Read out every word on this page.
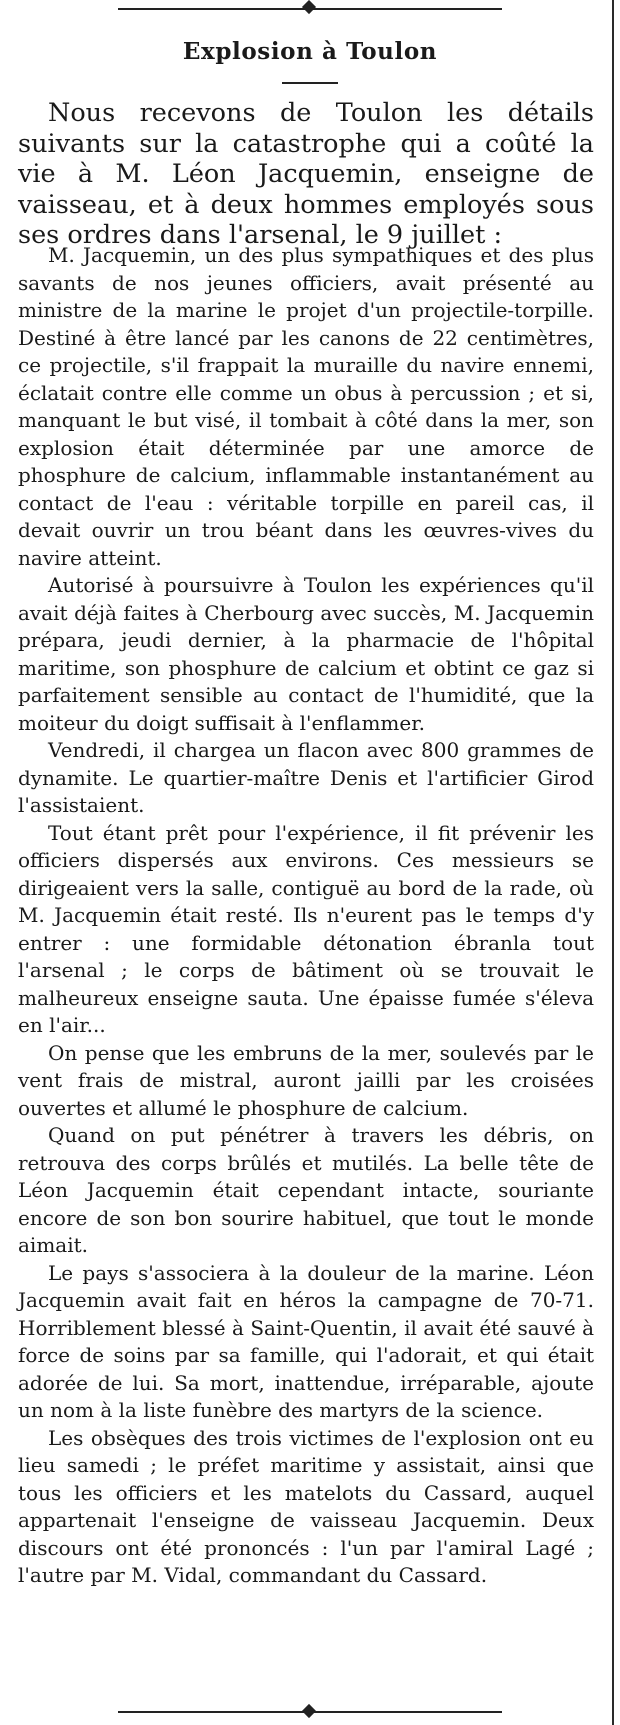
Explosion à Toulon

Nous recevons de Toulon les détails suivants sur la catastrophe qui a coûté la vie à M. Léon Jacquemin, enseigne de vaisseau, et à deux hommes employés sous ses ordres dans l'arsenal, le 9 juillet :

M. Jacquemin, un des plus sympathiques et des plus savants de nos jeunes officiers, avait présenté au ministre de la marine le projet d'un projectile-torpille. Destiné à être lancé par les canons de 22 centimètres, ce projectile, s'il frappait la muraille du navire ennemi, éclatait contre elle comme un obus à percussion ; et si, manquant le but visé, il tombait à côté dans la mer, son explosion était déterminée par une amorce de phosphure de calcium, inflammable instantanément au contact de l'eau : véritable torpille en pareil cas, il devait ouvrir un trou béant dans les œuvres-vives du navire atteint.

Autorisé à poursuivre à Toulon les expériences qu'il avait déjà faites à Cherbourg avec succès, M. Jacquemin prépara, jeudi dernier, à la pharmacie de l'hôpital maritime, son phosphure de calcium et obtint ce gaz si parfaitement sensible au contact de l'humidité, que la moiteur du doigt suffisait à l'enflammer.

Vendredi, il chargea un flacon avec 800 grammes de dynamite. Le quartier-maître Denis et l'artificier Girod l'assistaient.

Tout étant prêt pour l'expérience, il fit prévenir les officiers dispersés aux environs. Ces messieurs se dirigeaient vers la salle, contiguë au bord de la rade, où M. Jacquemin était resté. Ils n'eurent pas le temps d'y entrer : une formidable détonation ébranla tout l'arsenal ; le corps de bâtiment où se trouvait le malheureux enseigne sauta. Une épaisse fumée s'éleva en l'air...

On pense que les embruns de la mer, soulevés par le vent frais de mistral, auront jailli par les croisées ouvertes et allumé le phosphure de calcium.

Quand on put pénétrer à travers les débris, on retrouva des corps brûlés et mutilés. La belle tête de Léon Jacquemin était cependant intacte, souriante encore de son bon sourire habituel, que tout le monde aimait.

Le pays s'associera à la douleur de la marine. Léon Jacquemin avait fait en héros la campagne de 70-71. Horriblement blessé à Saint-Quentin, il avait été sauvé à force de soins par sa famille, qui l'adorait, et qui était adorée de lui. Sa mort, inattendue, irréparable, ajoute un nom à la liste funèbre des martyrs de la science.

Les obsèques des trois victimes de l'explosion ont eu lieu samedi ; le préfet maritime y assistait, ainsi que tous les officiers et les matelots du Cassard, auquel appartenait l'enseigne de vaisseau Jacquemin. Deux discours ont été prononcés : l'un par l'amiral Lagé ; l'autre par M. Vidal, commandant du Cassard.
